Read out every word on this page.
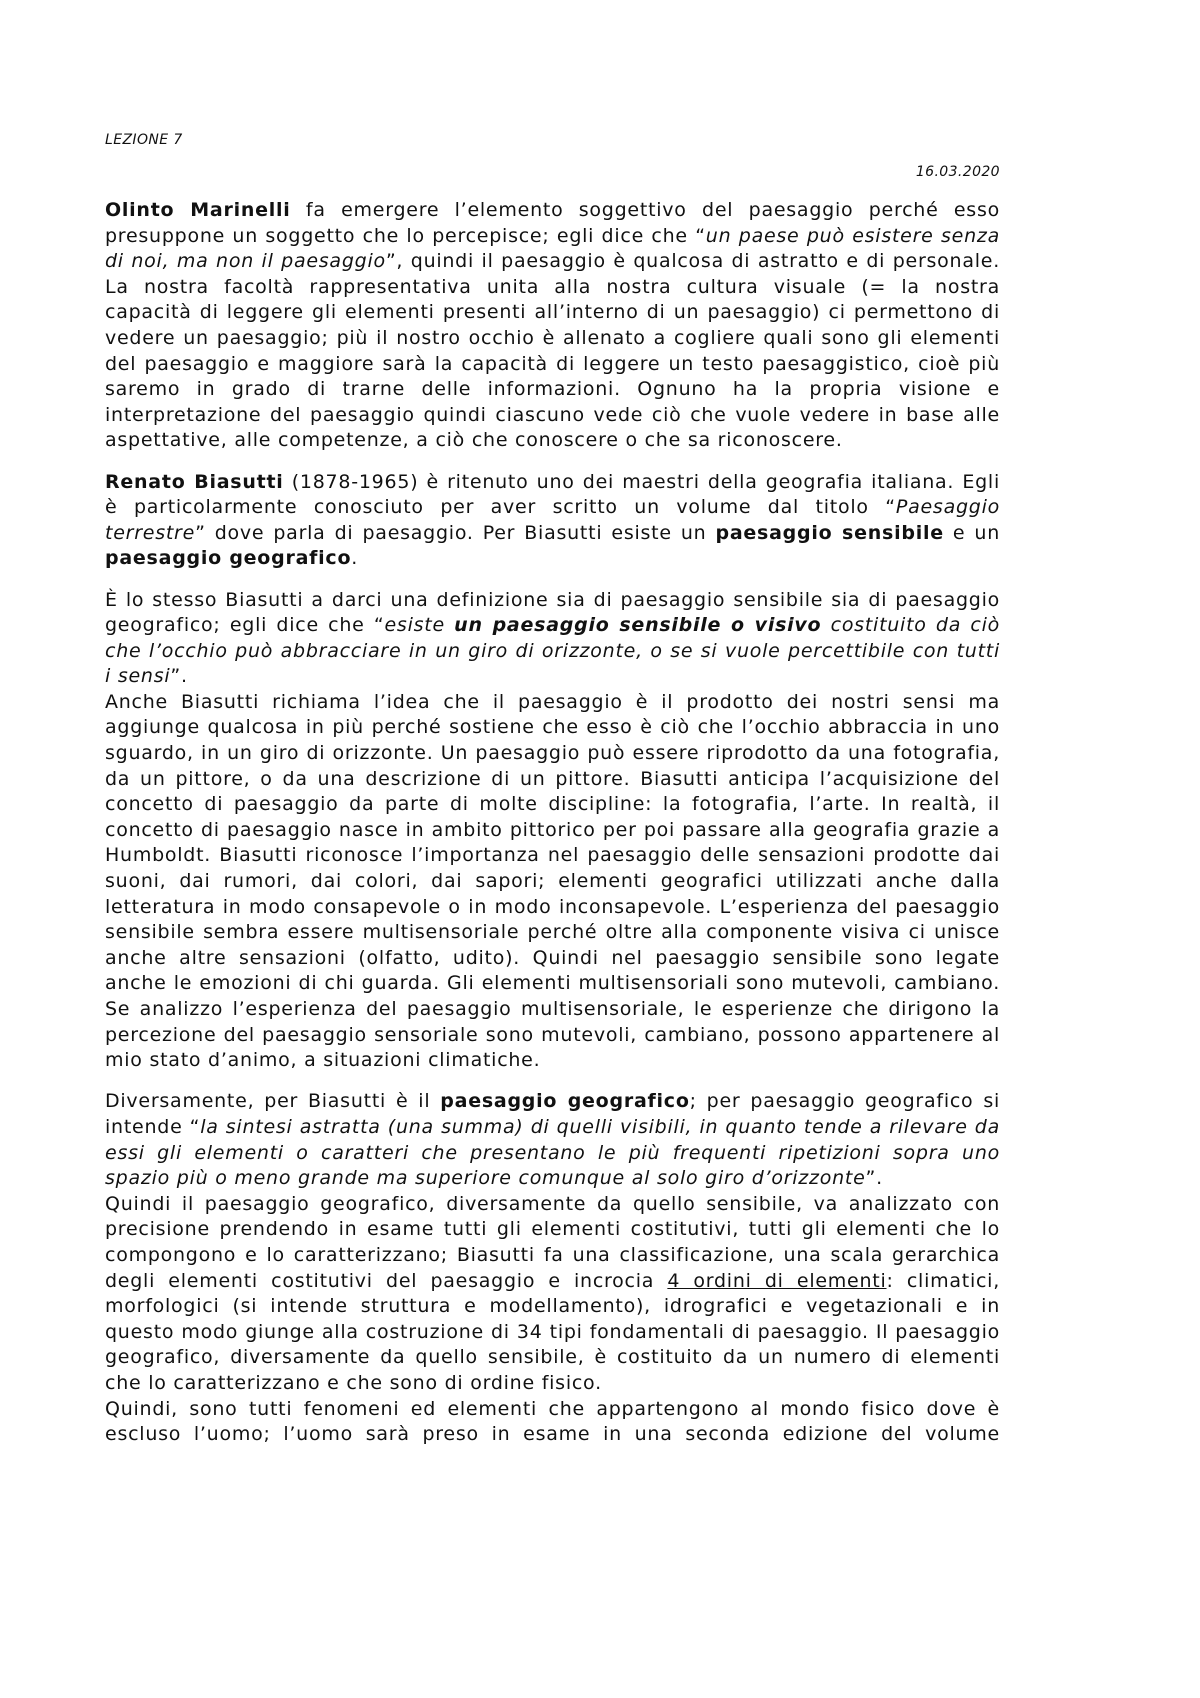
LEZIONE 7
16.03.2020

Olinto Marinelli fa emergere l’elemento soggettivo del paesaggio perché esso presuppone un soggetto che lo percepisce; egli dice che “un paese può esistere senza di noi, ma non il paesaggio”, quindi il paesaggio è qualcosa di astratto e di personale. La nostra facoltà rappresentativa unita alla nostra cultura visuale (= la nostra capacità di leggere gli elementi presenti all’interno di un paesaggio) ci permettono di vedere un paesaggio; più il nostro occhio è allenato a cogliere quali sono gli elementi del paesaggio e maggiore sarà la capacità di leggere un testo paesaggistico, cioè più saremo in grado di trarne delle informazioni. Ognuno ha la propria visione e interpretazione del paesaggio quindi ciascuno vede ciò che vuole vedere in base alle aspettative, alle competenze, a ciò che conoscere o che sa riconoscere.

Renato Biasutti (1878-1965) è ritenuto uno dei maestri della geografia italiana. Egli è particolarmente conosciuto per aver scritto un volume dal titolo “Paesaggio terrestre” dove parla di paesaggio. Per Biasutti esiste un paesaggio sensibile e un paesaggio geografico.

È lo stesso Biasutti a darci una definizione sia di paesaggio sensibile sia di paesaggio geografico; egli dice che “esiste un paesaggio sensibile o visivo costituito da ciò che l’occhio può abbracciare in un giro di orizzonte, o se si vuole percettibile con tutti i sensi”.

Anche Biasutti richiama l’idea che il paesaggio è il prodotto dei nostri sensi ma aggiunge qualcosa in più perché sostiene che esso è ciò che l’occhio abbraccia in uno sguardo, in un giro di orizzonte. Un paesaggio può essere riprodotto da una fotografia, da un pittore, o da una descrizione di un pittore. Biasutti anticipa l’acquisizione del concetto di paesaggio da parte di molte discipline: la fotografia, l’arte. In realtà, il concetto di paesaggio nasce in ambito pittorico per poi passare alla geografia grazie a Humboldt. Biasutti riconosce l’importanza nel paesaggio delle sensazioni prodotte dai suoni, dai rumori, dai colori, dai sapori; elementi geografici utilizzati anche dalla letteratura in modo consapevole o in modo inconsapevole. L’esperienza del paesaggio sensibile sembra essere multisensoriale perché oltre alla componente visiva ci unisce anche altre sensazioni (olfatto, udito). Quindi nel paesaggio sensibile sono legate anche le emozioni di chi guarda. Gli elementi multisensoriali sono mutevoli, cambiano. Se analizzo l’esperienza del paesaggio multisensoriale, le esperienze che dirigono la percezione del paesaggio sensoriale sono mutevoli, cambiano, possono appartenere al mio stato d’animo, a situazioni climatiche.

Diversamente, per Biasutti è il paesaggio geografico; per paesaggio geografico si intende “la sintesi astratta (una summa) di quelli visibili, in quanto tende a rilevare da essi gli elementi o caratteri che presentano le più frequenti ripetizioni sopra uno spazio più o meno grande ma superiore comunque al solo giro d’orizzonte”.

Quindi il paesaggio geografico, diversamente da quello sensibile, va analizzato con precisione prendendo in esame tutti gli elementi costitutivi, tutti gli elementi che lo compongono e lo caratterizzano; Biasutti fa una classificazione, una scala gerarchica degli elementi costitutivi del paesaggio e incrocia 4 ordini di elementi: climatici, morfologici (si intende struttura e modellamento), idrografici e vegetazionali e in questo modo giunge alla costruzione di 34 tipi fondamentali di paesaggio. Il paesaggio geografico, diversamente da quello sensibile, è costituito da un numero di elementi che lo caratterizzano e che sono di ordine fisico.

Quindi, sono tutti fenomeni ed elementi che appartengono al mondo fisico dove è escluso l’uomo; l’uomo sarà preso in esame in una seconda edizione del volume
